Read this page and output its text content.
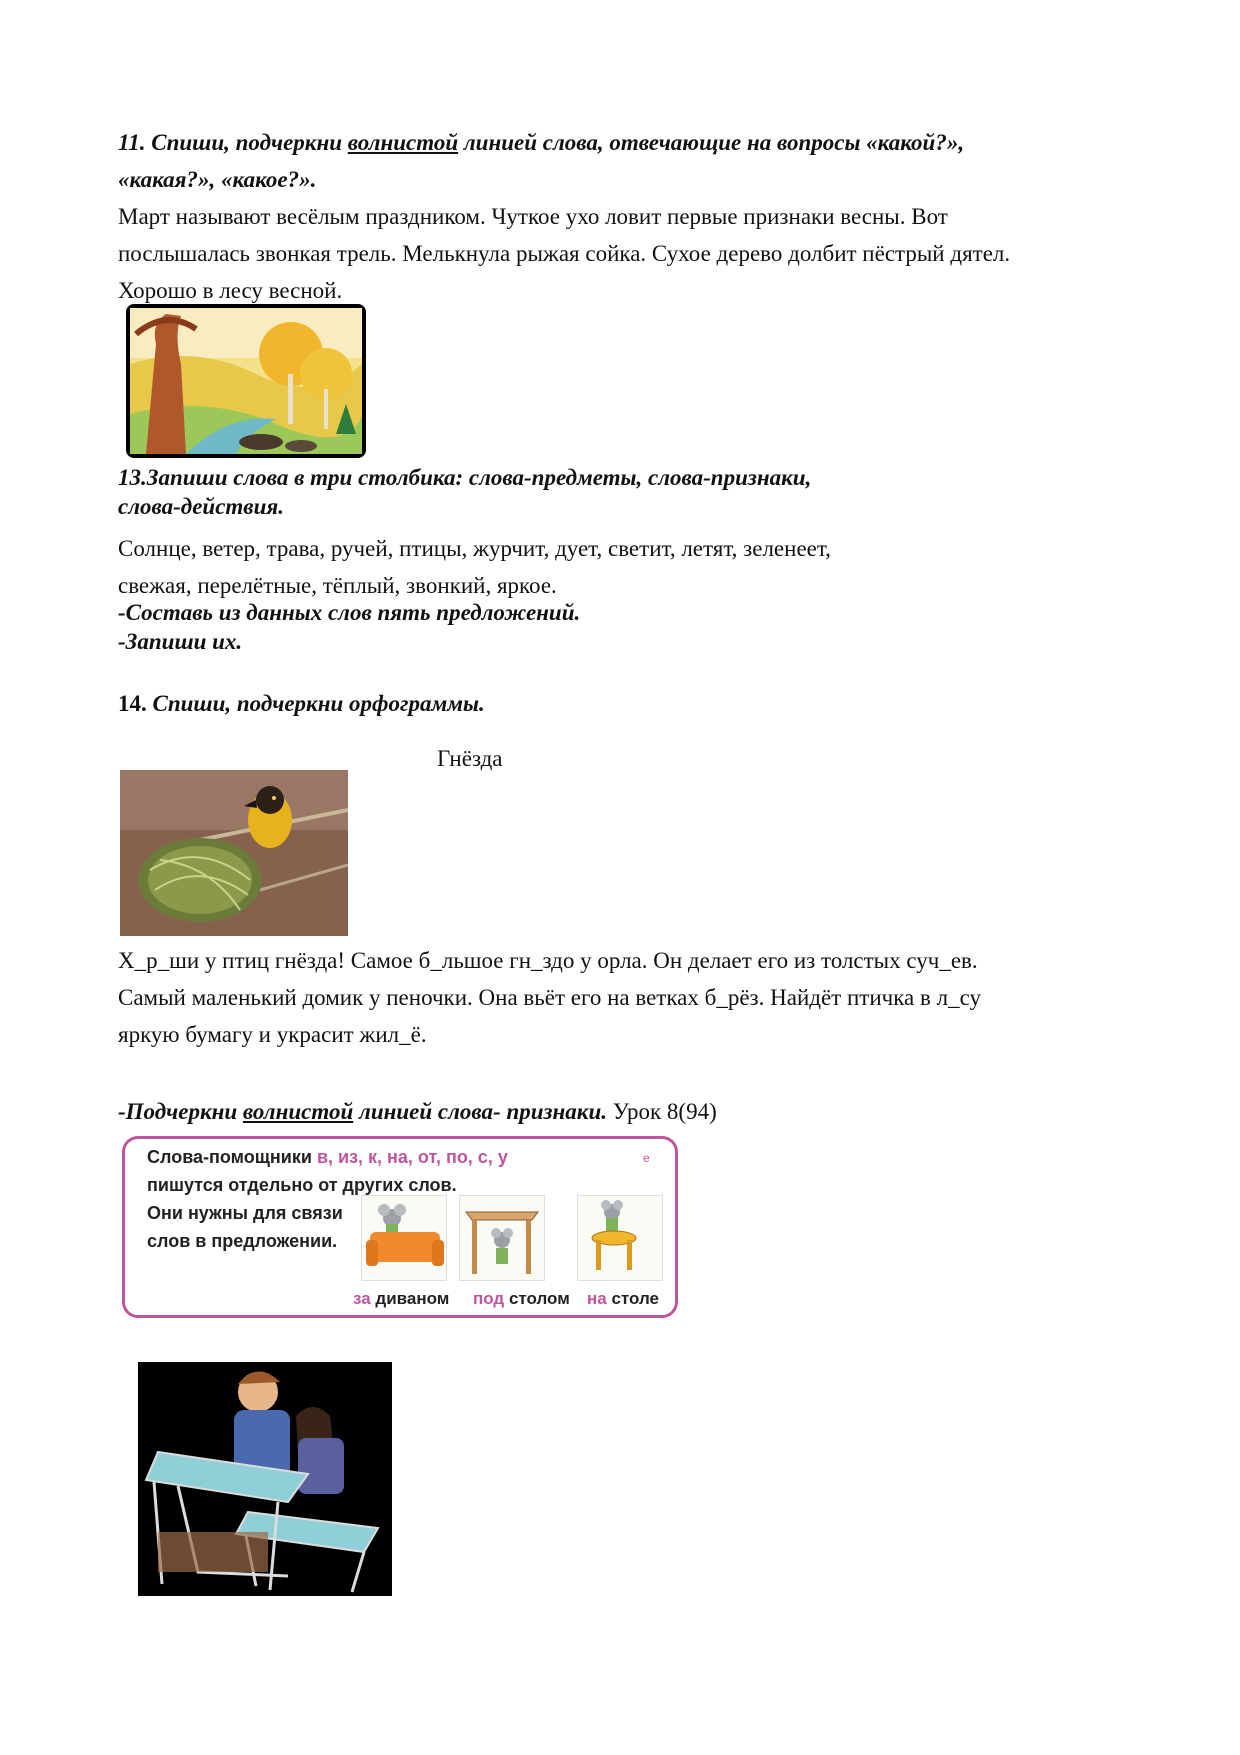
11. Спиши, подчеркни волнистой линией слова, отвечающие на вопросы «какой?»,
«какая?», «какое?».
Март называют весёлым праздником. Чуткое ухо ловит первые признаки весны. Вот
послышалась звонкая трель. Мелькнула рыжая сойка. Сухое дерево долбит пёстрый дятел.
Хорошо в лесу весной.
13.Запиши слова в три столбика: слова-предметы, слова-признаки,
слова-действия.
Солнце, ветер, трава, ручей, птицы, журчит, дует, светит, летят, зеленеет,
свежая, перелётные, тёплый, звонкий, яркое.
-Составь из данных слов пять предложений.
-Запиши их.
14. Спиши, подчеркни орфограммы.
Гнёзда
Х_р_ши у птиц гнёзда! Самое б_льшое гн_здо у орла. Он делает его из толстых суч_ев.
Самый маленький домик у пеночки. Она вьёт его на ветках б_рёз. Найдёт птичка в л_су
яркую бумагу и украсит жил_ё.
-Подчеркни волнистой линией слова- признаки. Урок 8(94)
Слова-помощники в, из, к, на, от, по, с, у
пишутся отдельно от других слов.
Они нужны для связи
слов в предложении.
е
за диваном под столом на столе
